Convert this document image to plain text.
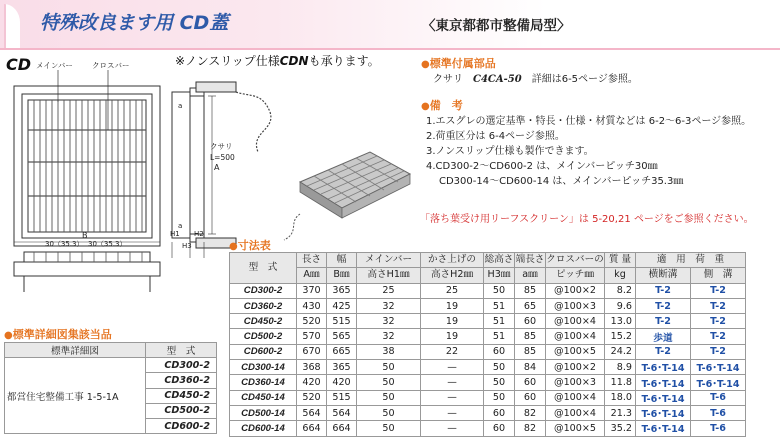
特殊改良ます用 CD蓋	〈東京都都市整備局型〉
CD	※ノンスリップ仕様CDNも承ります。
メインバー	クロスバー
B
30（35.3） 30（35.3）
A
a
a
H1 H2
H3
クサリ
L=500
●標準付属部品
クサリ　 C4CA-50　 詳細は6-5ページ参照。
●備　考
1.エスグレの選定基準・特長・仕様・材質などは 6-2〜6-3ページ参照。
2.荷重区分は 6-4ページ参照。
3.ノンスリップ仕様も製作できます。
4.CD300-2〜CD600-2 は、メインバーピッチ30㎜
CD300-14〜CD600-14 は、メインバーピッチ35.3㎜
「落ち葉受け用リーフスクリーン」は 5-20,21 ページをご参照ください。
●寸法表
型　式	長さ	幅	メインバー	かさ上げの	総高さ	端長さ	クロスバーの	質 量	適　用　荷　重	
	A㎜	B㎜	高さH1㎜	高さH2㎜	H3㎜	a㎜	ピッチ㎜	kg	横断溝	側　溝
CD300-2	370	365	25	25	50	85	@100×2	8.2	T-2	T-2
CD360-2	430	425	32	19	51	65	@100×3	9.6	T-2	T-2
CD450-2	520	515	32	19	51	60	@100×4	13.0	T-2	T-2
CD500-2	570	565	32	19	51	85	@100×4	15.2	歩道	T-2
CD600-2	670	665	38	22	60	85	@100×5	24.2	T-2	T-2
CD300-14	368	365	50	—	50	84	@100×2	8.9	T-6･T-14	T-6･T-14
CD360-14	420	420	50	—	50	60	@100×3	11.8	T-6･T-14	T-6･T-14
CD450-14	520	515	50	—	50	60	@100×4	18.0	T-6･T-14	T-6
CD500-14	564	564	50	—	60	82	@100×4	21.3	T-6･T-14	T-6
CD600-14	664	664	50	—	60	82	@100×5	35.2	T-6･T-14	T-6
●標準詳細図集該当品
標準詳細図	型　式
都営住宅整備工事 1-5-1A	CD300-2
	CD360-2
	CD450-2
	CD500-2
	CD600-2
